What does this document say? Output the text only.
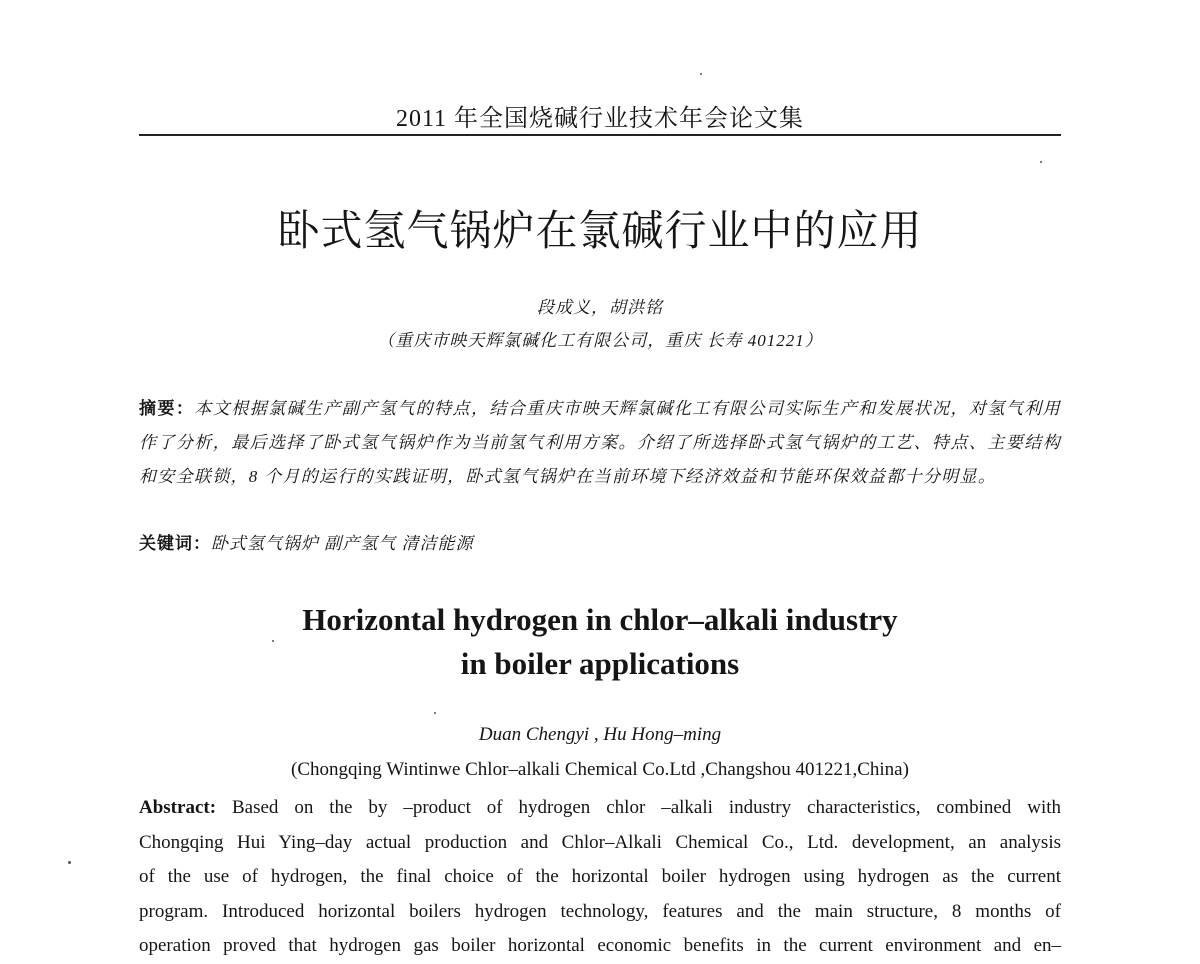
2011 年全国烧碱行业技术年会论文集
卧式氢气锅炉在氯碱行业中的应用
段成义，胡洪铭
（重庆市映天辉氯碱化工有限公司，重庆 长寿 401221）
摘要：本文根据氯碱生产副产氢气的特点，结合重庆市映天辉氯碱化工有限公司实际生产和发展状况，对氢气利用作了分析，最后选择了卧式氢气锅炉作为当前氢气利用方案。介绍了所选择卧式氢气锅炉的工艺、特点、主要结构和安全联锁，8 个月的运行的实践证明，卧式氢气锅炉在当前环境下经济效益和节能环保效益都十分明显。
关键词：卧式氢气锅炉 副产氢气 清洁能源
Horizontal hydrogen in chlor–alkali industry
in boiler applications
Duan Chengyi , Hu Hong–ming
(Chongqing Wintinwe Chlor–alkali Chemical Co.Ltd ,Changshou 401221,China)
Abstract: Based on the by –product of hydrogen chlor –alkali industry characteristics, combined with
Chongqing Hui Ying–day actual production and Chlor–Alkali Chemical Co., Ltd. development, an analysis
of the use of hydrogen, the final choice of the horizontal boiler hydrogen using hydrogen as the current
program. Introduced horizontal boilers hydrogen technology, features and the main structure, 8 months of
operation proved that hydrogen gas boiler horizontal economic benefits in the current environment and en–
